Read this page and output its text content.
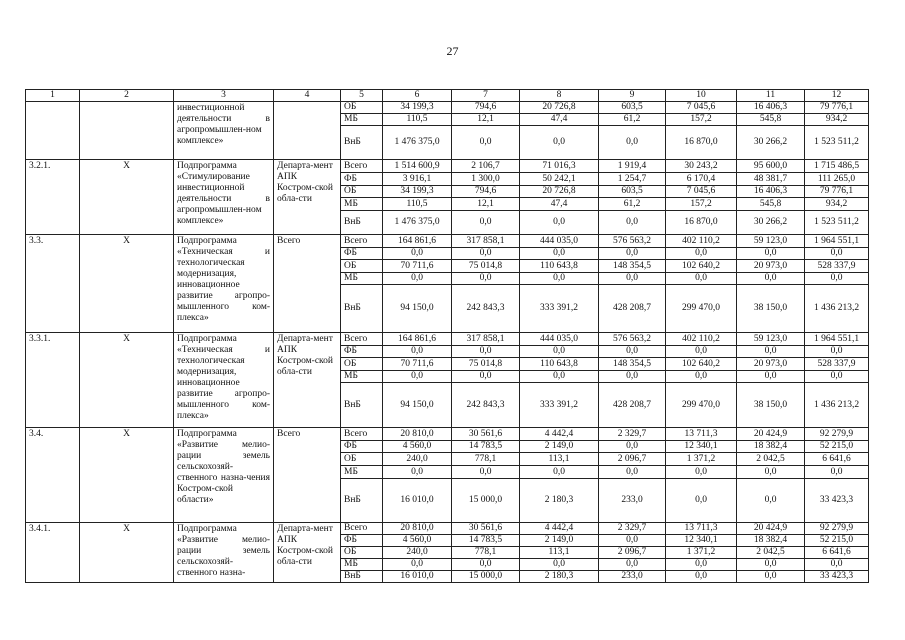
27
1	2	3	4	5	6	7	8	9	10	11	12
		инвестиционной деятельности в агропромышлен-ном комплексе»		ОБ	34 199,3	794,6	20 726,8	603,5	7 045,6	16 406,3	79 776,1
				МБ	110,5	12,1	47,4	61,2	157,2	545,8	934,2
				ВнБ	1 476 375,0	0,0	0,0	0,0	16 870,0	30 266,2	1 523 511,2
3.2.1.	Х	Подпрограмма «Стимулирование инвестиционной деятельности в агропромышлен-ном комплексе»	Департа-мент АПК Костром-ской обла-сти	Всего	1 514 600,9	2 106,7	71 016,3	1 919,4	30 243,2	95 600,0	1 715 486,5
				ФБ	3 916,1	1 300,0	50 242,1	1 254,7	6 170,4	48 381,7	111 265,0
				ОБ	34 199,3	794,6	20 726,8	603,5	7 045,6	16 406,3	79 776,1
				МБ	110,5	12,1	47,4	61,2	157,2	545,8	934,2
				ВнБ	1 476 375,0	0,0	0,0	0,0	16 870,0	30 266,2	1 523 511,2
3.3.	Х	Подпрограмма «Техническая и технологическая модернизация, инновационное развитие агропро-мышленного ком-плекса»	Всего	Всего	164 861,6	317 858,1	444 035,0	576 563,2	402 110,2	59 123,0	1 964 551,1
				ФБ	0,0	0,0	0,0	0,0	0,0	0,0	0,0
				ОБ	70 711,6	75 014,8	110 643,8	148 354,5	102 640,2	20 973,0	528 337,9
				МБ	0,0	0,0	0,0	0,0	0,0	0,0	0,0
				ВнБ	94 150,0	242 843,3	333 391,2	428 208,7	299 470,0	38 150,0	1 436 213,2
3.3.1.	Х	Подпрограмма «Техническая и технологическая модернизация, инновационное развитие агропро-мышленного ком-плекса»	Департа-мент АПК Костром-ской обла-сти	Всего	164 861,6	317 858,1	444 035,0	576 563,2	402 110,2	59 123,0	1 964 551,1
				ФБ	0,0	0,0	0,0	0,0	0,0	0,0	0,0
				ОБ	70 711,6	75 014,8	110 643,8	148 354,5	102 640,2	20 973,0	528 337,9
				МБ	0,0	0,0	0,0	0,0	0,0	0,0	0,0
				ВнБ	94 150,0	242 843,3	333 391,2	428 208,7	299 470,0	38 150,0	1 436 213,2
3.4.	Х	Подпрограмма «Развитие мелио-рации земель сельскохозяй-ственного назна-чения Костром-ской области»	Всего	Всего	20 810,0	30 561,6	4 442,4	2 329,7	13 711,3	20 424,9	92 279,9
				ФБ	4 560,0	14 783,5	2 149,0	0,0	12 340,1	18 382,4	52 215,0
				ОБ	240,0	778,1	113,1	2 096,7	1 371,2	2 042,5	6 641,6
				МБ	0,0	0,0	0,0	0,0	0,0	0,0	0,0
				ВнБ	16 010,0	15 000,0	2 180,3	233,0	0,0	0,0	33 423,3
3.4.1.	Х	Подпрограмма «Развитие мелио-рации земель сельскохозяй-ственного назна-	Департа-мент АПК Костром-ской обла-сти	Всего	20 810,0	30 561,6	4 442,4	2 329,7	13 711,3	20 424,9	92 279,9
				ФБ	4 560,0	14 783,5	2 149,0	0,0	12 340,1	18 382,4	52 215,0
				ОБ	240,0	778,1	113,1	2 096,7	1 371,2	2 042,5	6 641,6
				МБ	0,0	0,0	0,0	0,0	0,0	0,0	0,0
				ВнБ	16 010,0	15 000,0	2 180,3	233,0	0,0	0,0	33 423,3
